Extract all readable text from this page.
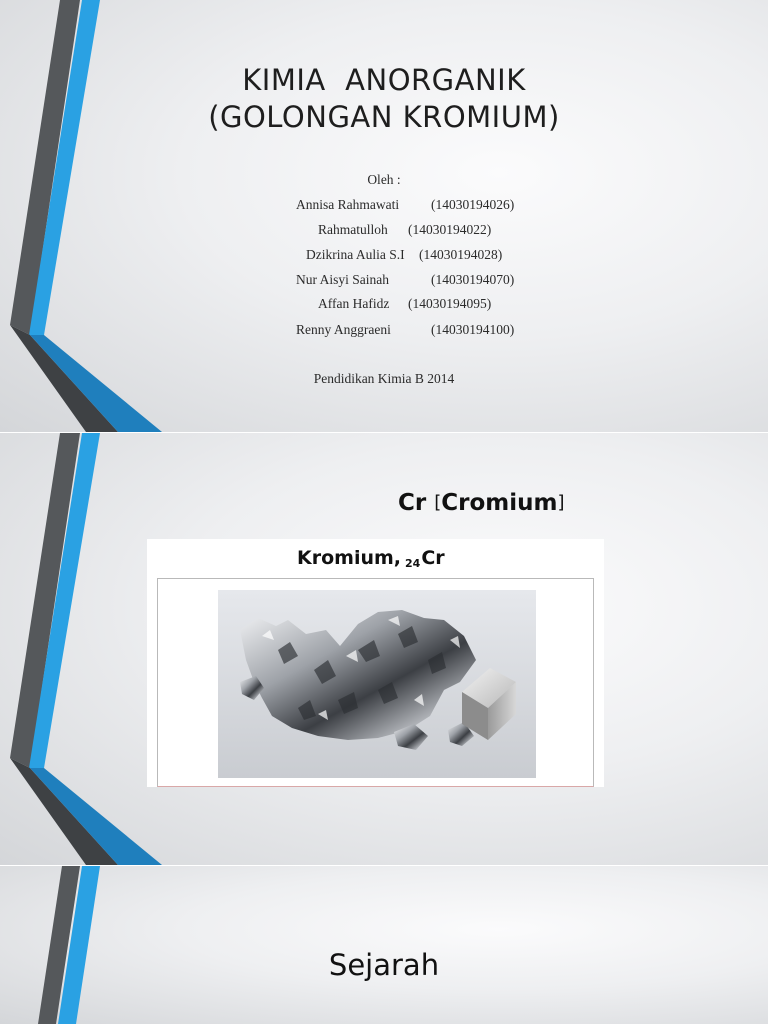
KIMIA  ANORGANIK
(GOLONGAN KROMIUM)
Oleh :
Annisa Rahmawati (14030194026)
Rahmatulloh (14030194022)
Dzikrina Aulia S.I (14030194028)
Nur Aisyi Sainah	(14030194070)
Affan Hafidz (14030194095)
Renny Anggraeni	(14030194100)
Pendidikan Kimia B 2014
Cr [Cromium]
Kromium, $_{24}$Cr
Sejarah
